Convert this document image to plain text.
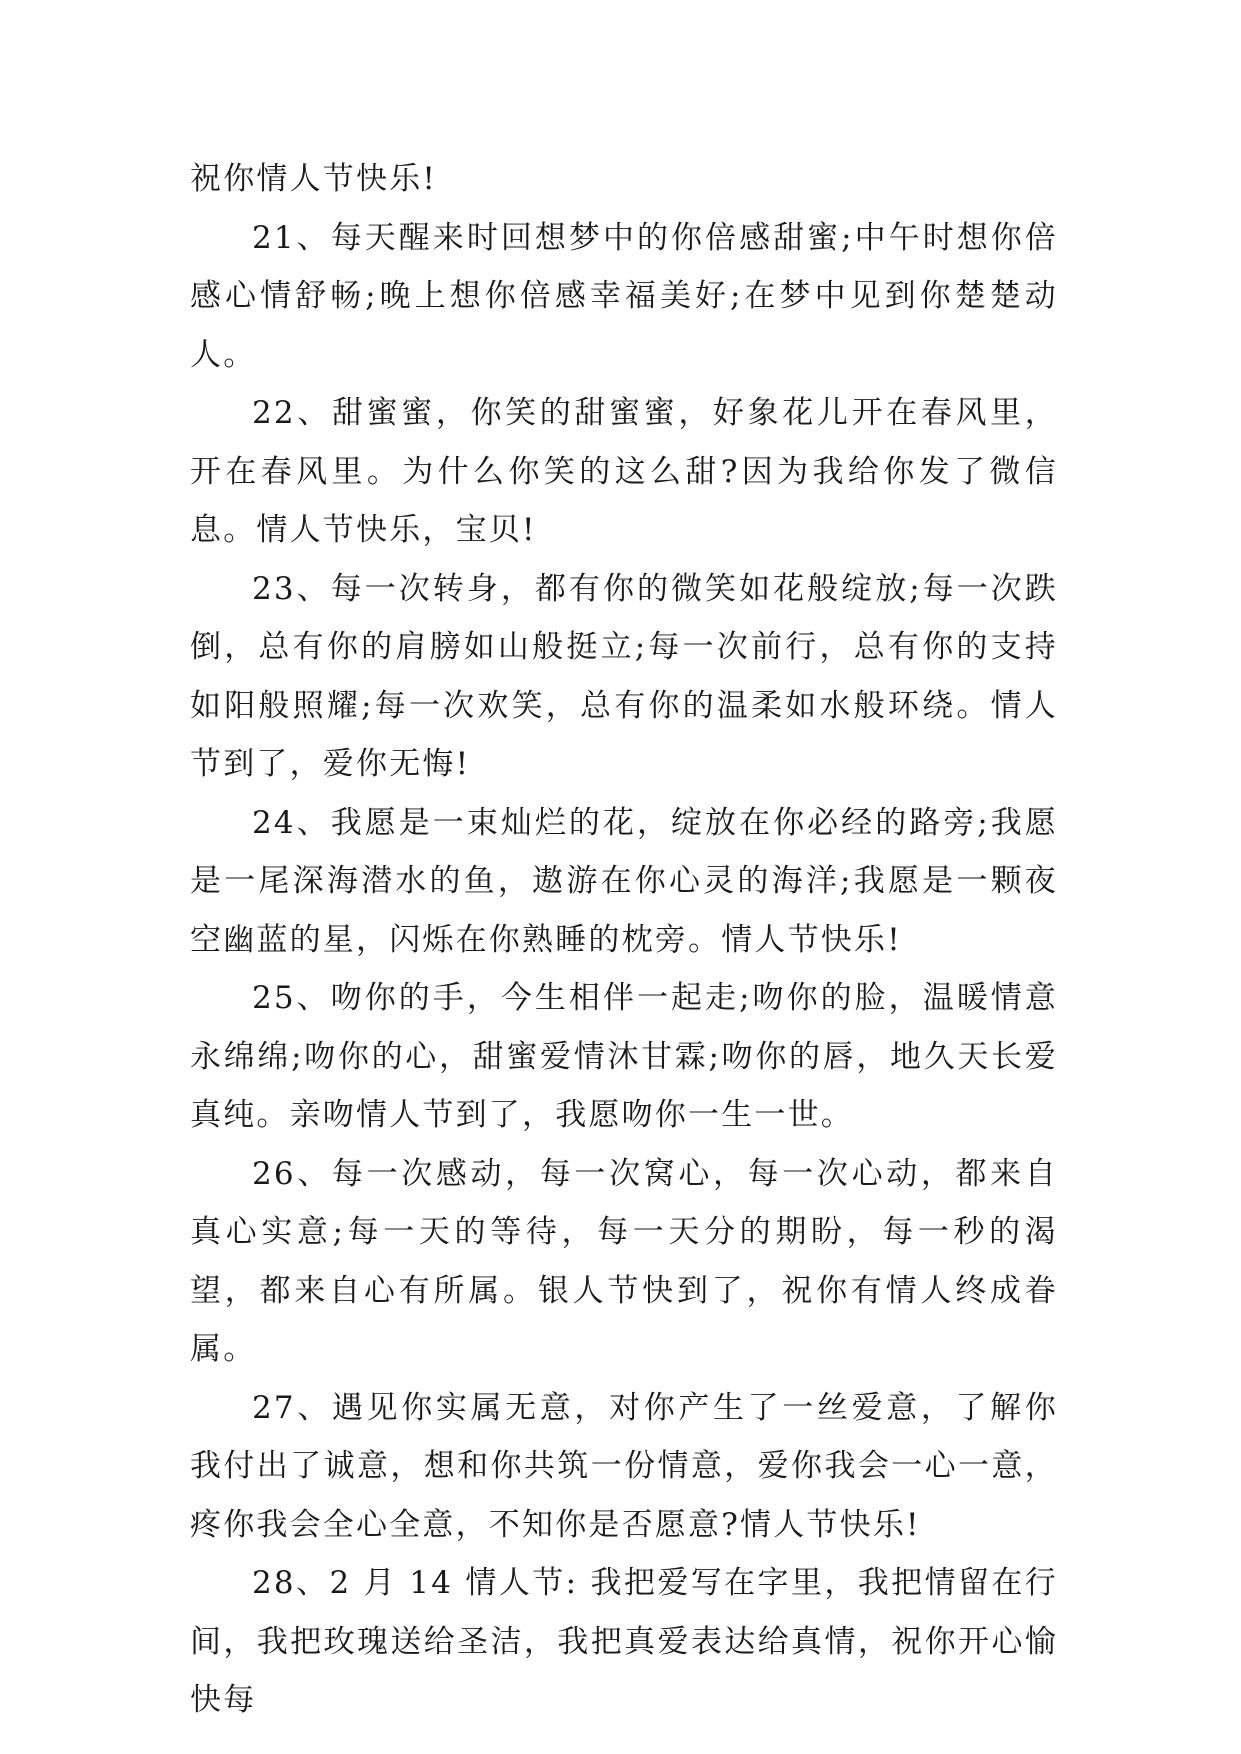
祝你情人节快乐!

21、每天醒来时回想梦中的你倍感甜蜜;中午时想你倍感心情舒畅;晚上想你倍感幸福美好;在梦中见到你楚楚动人。

22、甜蜜蜜，你笑的甜蜜蜜，好象花儿开在春风里，开在春风里。为什么你笑的这么甜?因为我给你发了微信息。情人节快乐，宝贝!

23、每一次转身，都有你的微笑如花般绽放;每一次跌倒，总有你的肩膀如山般挺立;每一次前行，总有你的支持如阳般照耀;每一次欢笑，总有你的温柔如水般环绕。情人节到了，爱你无悔!

24、我愿是一束灿烂的花，绽放在你必经的路旁;我愿是一尾深海潜水的鱼，遨游在你心灵的海洋;我愿是一颗夜空幽蓝的星，闪烁在你熟睡的枕旁。情人节快乐!

25、吻你的手，今生相伴一起走;吻你的脸，温暖情意永绵绵;吻你的心，甜蜜爱情沐甘霖;吻你的唇，地久天长爱真纯。亲吻情人节到了，我愿吻你一生一世。

26、每一次感动，每一次窝心，每一次心动，都来自真心实意;每一天的等待，每一天分的期盼，每一秒的渴望，都来自心有所属。银人节快到了，祝你有情人终成眷属。

27、遇见你实属无意，对你产生了一丝爱意，了解你我付出了诚意，想和你共筑一份情意，爱你我会一心一意，疼你我会全心全意，不知你是否愿意?情人节快乐!

28、2 月 14 情人节: 我把爱写在字里，我把情留在行间，我把玫瑰送给圣洁，我把真爱表达给真情，祝你开心愉快每
